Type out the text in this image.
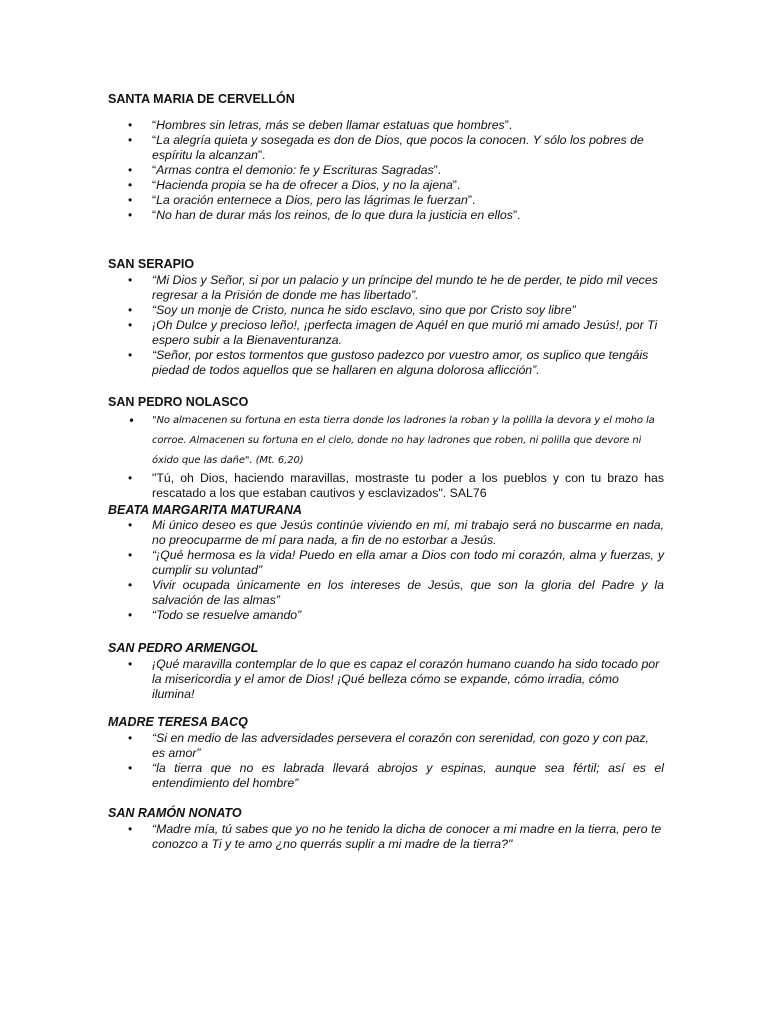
SANTA MARIA DE CERVELLÓN
• “Hombres sin letras, más se deben llamar estatuas que hombres”.
• “La alegría quieta y sosegada es don de Dios, que pocos la conocen. Y sólo los pobres de espíritu la alcanzan”.
• “Armas contra el demonio: fe y Escrituras Sagradas”.
• “Hacienda propia se ha de ofrecer a Dios, y no la ajena”.
• “La oración enternece a Dios, pero las lágrimas le fuerzan”.
• “No han de durar más los reinos, de lo que dura la justicia en ellos”.
SAN SERAPIO
• “Mi Dios y Señor, si por un palacio y un príncipe del mundo te he de perder, te pido mil veces regresar a la Prisión de donde me has libertado”.
• “Soy un monje de Cristo, nunca he sido esclavo, sino que por Cristo soy libre”
• ¡Oh Dulce y precioso leño!, ¡perfecta imagen de Aquél en que murió mi amado Jesús!, por Ti espero subir a la Bienaventuranza.
• “Señor, por estos tormentos que gustoso padezco por vuestro amor, os suplico que tengáis piedad de todos aquellos que se hallaren en alguna dolorosa aflicción”.
SAN PEDRO NOLASCO
• "No almacenen su fortuna en esta tierra donde los ladrones la roban y la polilla la devora y el moho la corroe. Almacenen su fortuna en el cielo, donde no hay ladrones que roben, ni polilla que devore ni óxido que las dañe". (Mt. 6,20)
• "Tú, oh Dios, haciendo maravillas, mostraste tu poder a los pueblos y con tu brazo has rescatado a los que estaban cautivos y esclavizados". SAL76
BEATA MARGARITA MATURANA
• Mi único deseo es que Jesús continúe viviendo en mí, mi trabajo será no buscarme en nada, no preocuparme de mí para nada, a fin de no estorbar a Jesús.
• “¡Qué hermosa es la vida! Puedo en ella amar a Dios con todo mi corazón, alma y fuerzas, y cumplir su voluntad”
• Vivir ocupada únicamente en los intereses de Jesús, que son la gloria del Padre y la salvación de las almas”
• “Todo se resuelve amando”
SAN PEDRO ARMENGOL
• ¡Qué maravilla contemplar de lo que es capaz el corazón humano cuando ha sido tocado por la misericordia y el amor de Dios! ¡Qué belleza cómo se expande, cómo irradia, cómo ilumina!
MADRE TERESA BACQ
• “Si en medio de las adversidades persevera el corazón con serenidad, con gozo y con paz, es amor”
• “la tierra que no es labrada llevará abrojos y espinas, aunque sea fértil; así es el entendimiento del hombre”
SAN RAMÓN NONATO
• “Madre mía, tú sabes que yo no he tenido la dicha de conocer a mi madre en la tierra, pero te conozco a Ti y te amo ¿no querrás suplir a mi madre de la tierra?"
